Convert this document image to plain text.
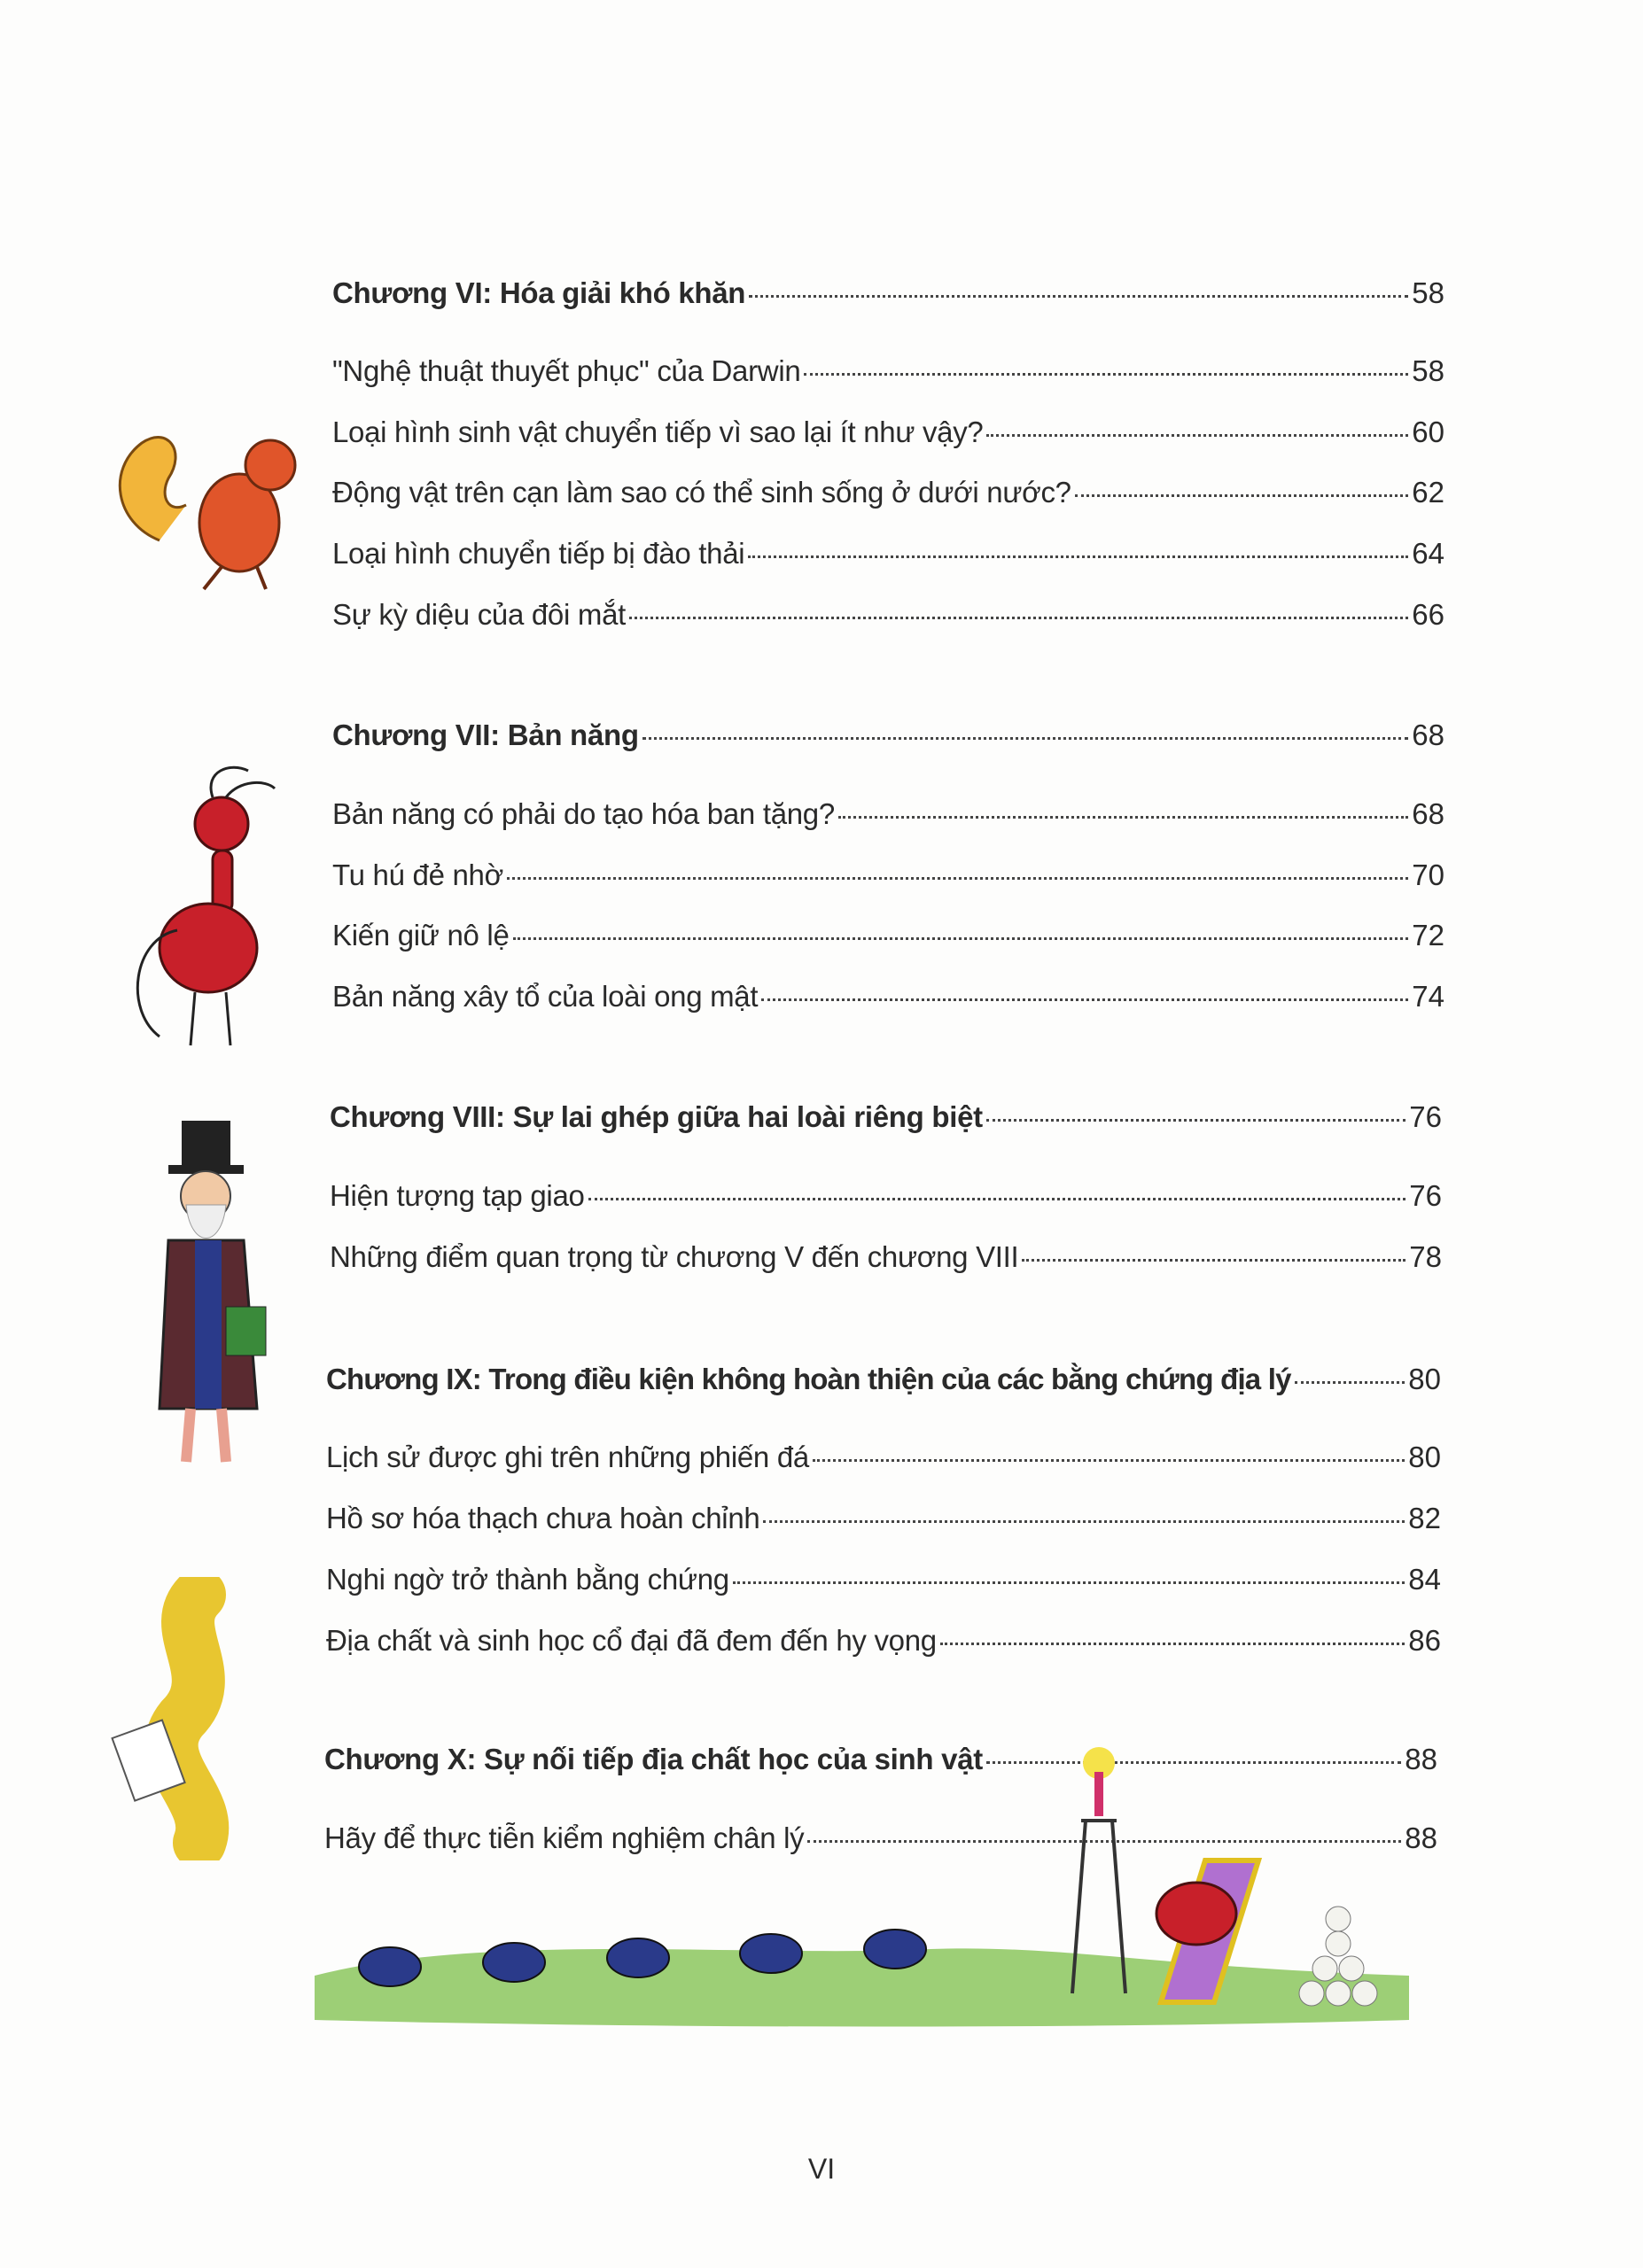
Chương VI: Hóa giải khó khăn	58
"Nghệ thuật thuyết phục" của Darwin	58
Loại hình sinh vật chuyển tiếp vì sao lại ít như vậy?	60
Động vật trên cạn làm sao có thể sinh sống ở dưới nước?	62
Loại hình chuyển tiếp bị đào thải	64
Sự kỳ diệu của đôi mắt	66
Chương VII: Bản năng	68
Bản năng có phải do tạo hóa ban tặng?	68
Tu hú đẻ nhờ	70
Kiến giữ nô lệ	72
Bản năng xây tổ của loài ong mật	74
Chương VIII: Sự lai ghép giữa hai loài riêng biệt	76
Hiện tượng tạp giao	76
Những điểm quan trọng từ chương V đến chương VIII	78
Chương IX: Trong điều kiện không hoàn thiện của các bằng chứng địa lý	80
Lịch sử được ghi trên những phiến đá	80
Hồ sơ hóa thạch chưa hoàn chỉnh	82
Nghi ngờ trở thành bằng chứng	84
Địa chất và sinh học cổ đại đã đem đến hy vọng	86
Chương X: Sự nối tiếp địa chất học của sinh vật	88
Hãy để thực tiễn kiểm nghiệm chân lý	88
VI
